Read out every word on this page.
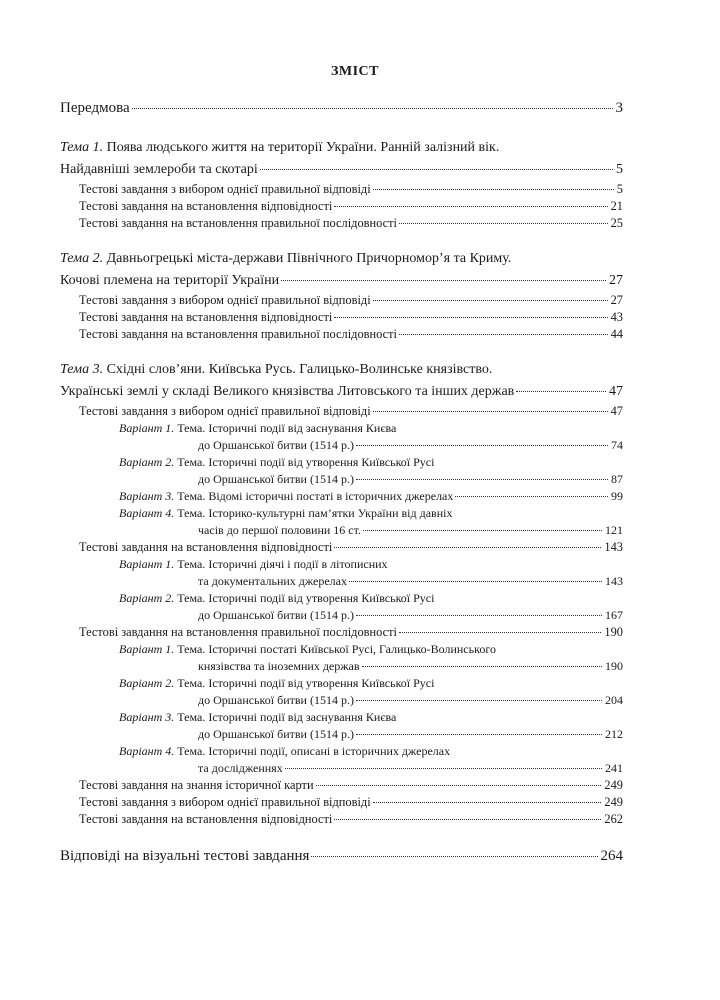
ЗМІСТ
Передмова	3
Тема 1. Поява людського життя на території України. Ранній залізний вік.
Найдавніші землероби та скотарі	5
Тестові завдання з вибором однієї правильної відповіді	5
Тестові завдання на встановлення відповідності	21
Тестові завдання на встановлення правильної послідовності	25
Тема 2. Давньогрецькі міста-держави Північного Причорномор’я та Криму.
Кочові племена на території України	27
Тестові завдання з вибором однієї правильної відповіді	27
Тестові завдання на встановлення відповідності	43
Тестові завдання на встановлення правильної послідовності	44
Тема 3. Східні слов’яни. Київська Русь. Галицько-Волинське князівство.
Українські землі у складі Великого князівства Литовського та інших держав	47
Тестові завдання з вибором однієї правильної відповіді	47
Варіант 1. Тема. Історичні події від заснування Києва
до Оршанської битви (1514 р.)	74
Варіант 2. Тема. Історичні події від утворення Київської Русі
до Оршанської битви (1514 р.)	87
Варіант 3. Тема. Відомі історичні постаті в історичних джерелах	99
Варіант 4. Тема. Історико-культурні пам’ятки України від давніх
часів до першої половини 16 ст.	121
Тестові завдання на встановлення відповідності	143
Варіант 1. Тема. Історичні діячі і події в літописних
та документальних джерелах	143
Варіант 2. Тема. Історичні події від утворення Київської Русі
до Оршанської битви (1514 р.)	167
Тестові завдання на встановлення правильної послідовності	190
Варіант 1. Тема. Історичні постаті Київської Русі, Галицько-Волинського
князівства та іноземних держав	190
Варіант 2. Тема. Історичні події від утворення Київської Русі
до Оршанської битви (1514 р.)	204
Варіант 3. Тема. Історичні події від заснування Києва
до Оршанської битви (1514 р.)	212
Варіант 4. Тема. Історичні події, описані в історичних джерелах
та дослідженнях	241
Тестові завдання на знання історичної карти	249
Тестові завдання з вибором однієї правильної відповіді	249
Тестові завдання на встановлення відповідності	262
Відповіді на візуальні тестові завдання	264
